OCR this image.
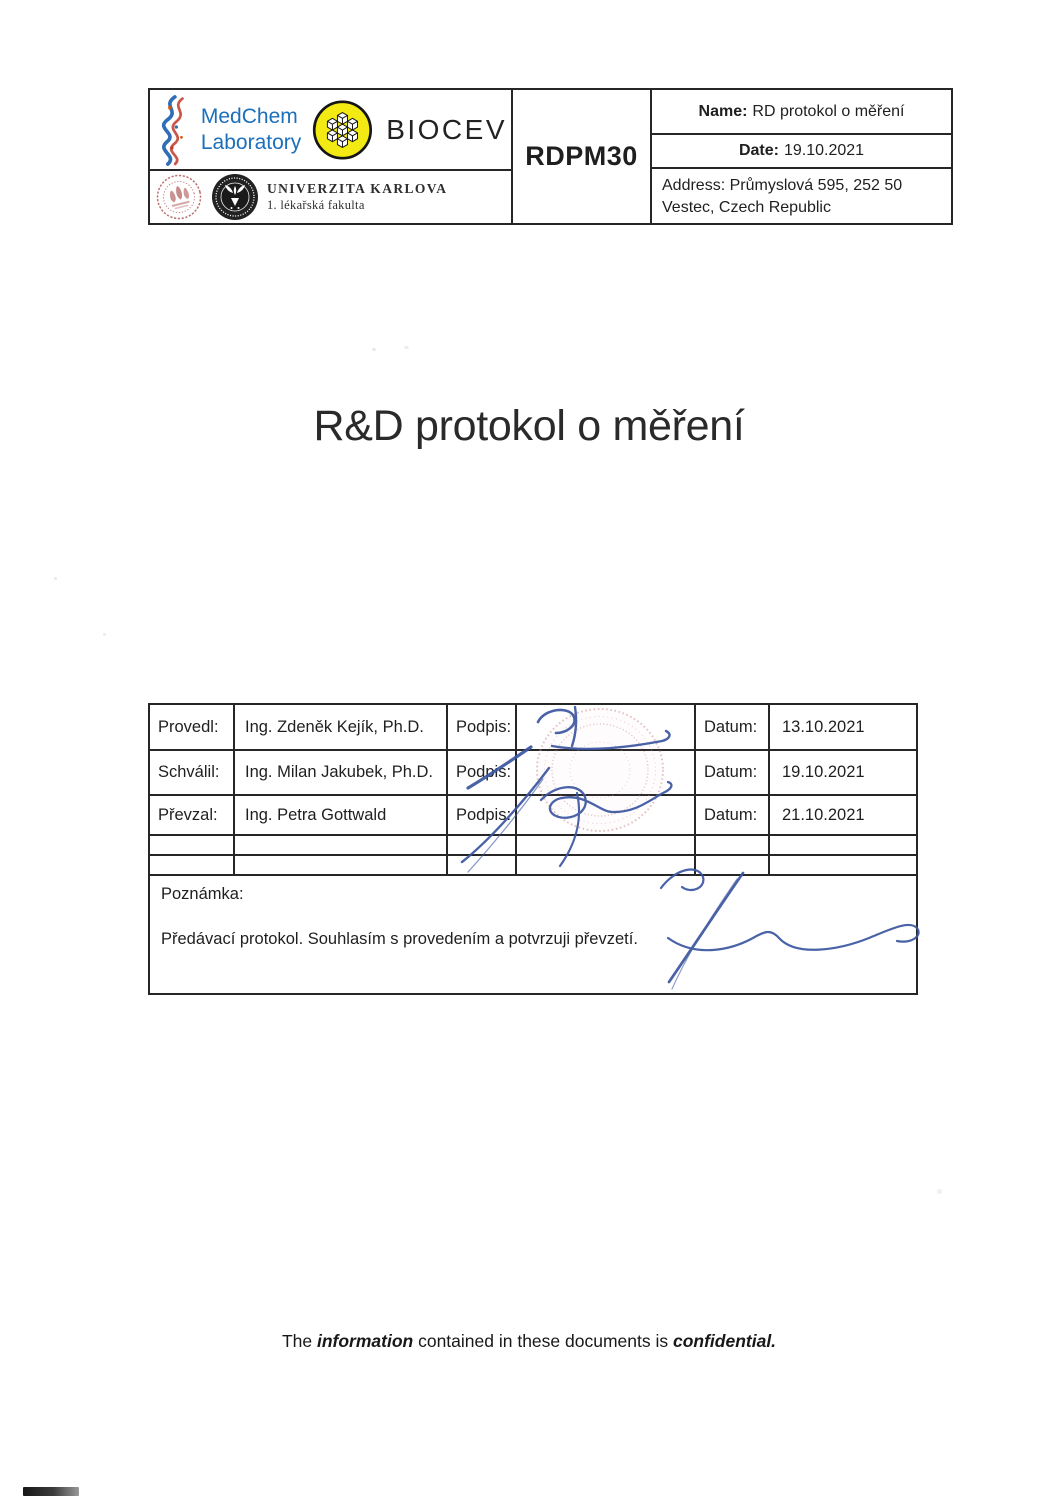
MedChem
Laboratory	BIOCEV
UNIVERZITA KARLOVA
1. lékařská fakulta
RDPM30
Name: RD protokol o měření
Date: 19.10.2021
Address: Průmyslová 595, 252 50 Vestec, Czech Republic
R&D protokol o měření
Provedl:	Ing. Zdeněk Kejík, Ph.D.	Podpis:	Datum:	13.10.2021
Schválil:	Ing. Milan Jakubek, Ph.D.	Podpis:	Datum:	19.10.2021
Převzal:	Ing. Petra Gottwald	Podpis:	Datum:	21.10.2021

Poznámka:

Předávací protokol. Souhlasím s provedením a potvrzuji převzetí.

The information contained in these documents is confidential.
